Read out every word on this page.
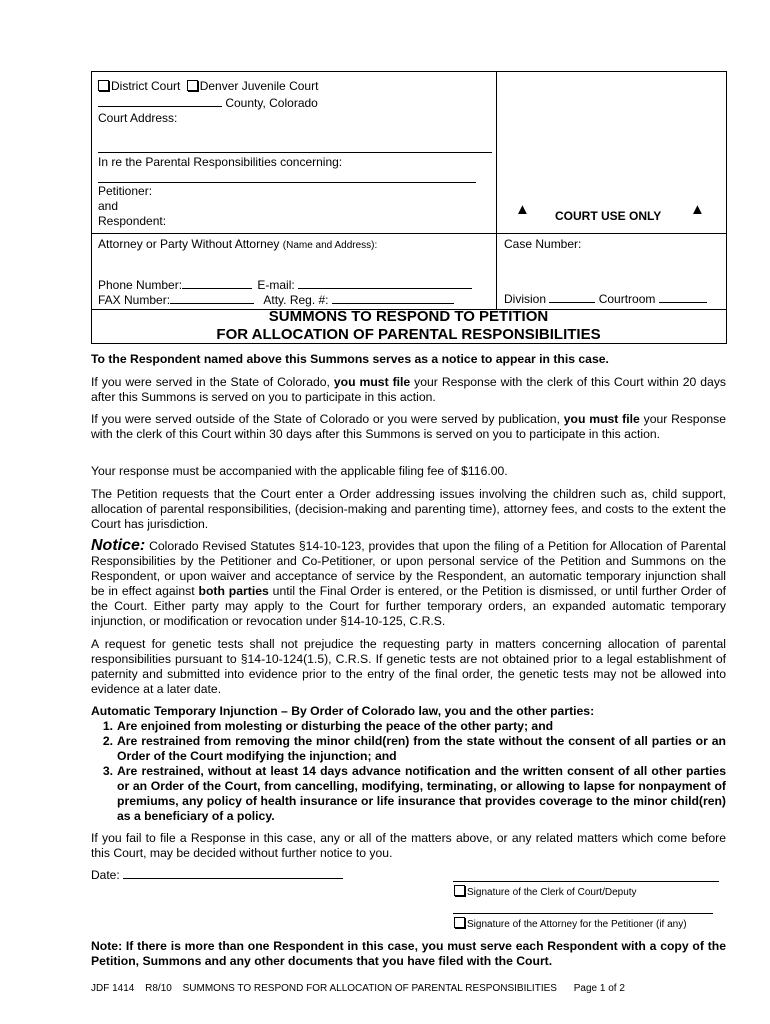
District Court Denver Juvenile Court
County, Colorado
Court Address:
In re the Parental Responsibilities concerning:
Petitioner:
and
Respondent:
Attorney or Party Without Attorney (Name and Address):
Phone Number:	E-mail:
FAX Number:	Atty. Reg. #:
▲ COURT USE ONLY ▲
Case Number:
Division	Courtroom
SUMMONS TO RESPOND TO PETITION
FOR ALLOCATION OF PARENTAL RESPONSIBILITIES
To the Respondent named above this Summons serves as a notice to appear in this case.
If you were served in the State of Colorado, you must file your Response with the clerk of this Court within 20 days after this Summons is served on you to participate in this action.
If you were served outside of the State of Colorado or you were served by publication, you must file your Response with the clerk of this Court within 30 days after this Summons is served on you to participate in this action.
Your response must be accompanied with the applicable filing fee of $116.00.
The Petition requests that the Court enter a Order addressing issues involving the children such as, child support, allocation of parental responsibilities, (decision-making and parenting time), attorney fees, and costs to the extent the Court has jurisdiction.
Notice: Colorado Revised Statutes §14-10-123, provides that upon the filing of a Petition for Allocation of Parental Responsibilities by the Petitioner and Co-Petitioner, or upon personal service of the Petition and Summons on the Respondent, or upon waiver and acceptance of service by the Respondent, an automatic temporary injunction shall be in effect against both parties until the Final Order is entered, or the Petition is dismissed, or until further Order of the Court. Either party may apply to the Court for further temporary orders, an expanded automatic temporary injunction, or modification or revocation under §14-10-125, C.R.S.
A request for genetic tests shall not prejudice the requesting party in matters concerning allocation of parental responsibilities pursuant to §14-10-124(1.5), C.R.S. If genetic tests are not obtained prior to a legal establishment of paternity and submitted into evidence prior to the entry of the final order, the genetic tests may not be allowed into evidence at a later date.
Automatic Temporary Injunction – By Order of Colorado law, you and the other parties:
1. Are enjoined from molesting or disturbing the peace of the other party; and
2. Are restrained from removing the minor child(ren) from the state without the consent of all parties or an Order of the Court modifying the injunction; and
3. Are restrained, without at least 14 days advance notification and the written consent of all other parties or an Order of the Court, from cancelling, modifying, terminating, or allowing to lapse for nonpayment of premiums, any policy of health insurance or life insurance that provides coverage to the minor child(ren) as a beneficiary of a policy.
If you fail to file a Response in this case, any or all of the matters above, or any related matters which come before this Court, may be decided without further notice to you.
Date:
Signature of the Clerk of Court/Deputy
Signature of the Attorney for the Petitioner (if any)
Note: If there is more than one Respondent in this case, you must serve each Respondent with a copy of the Petition, Summons and any other documents that you have filed with the Court.
JDF 1414 R8/10 SUMMONS TO RESPOND FOR ALLOCATION OF PARENTAL RESPONSIBILITIES Page 1 of 2
